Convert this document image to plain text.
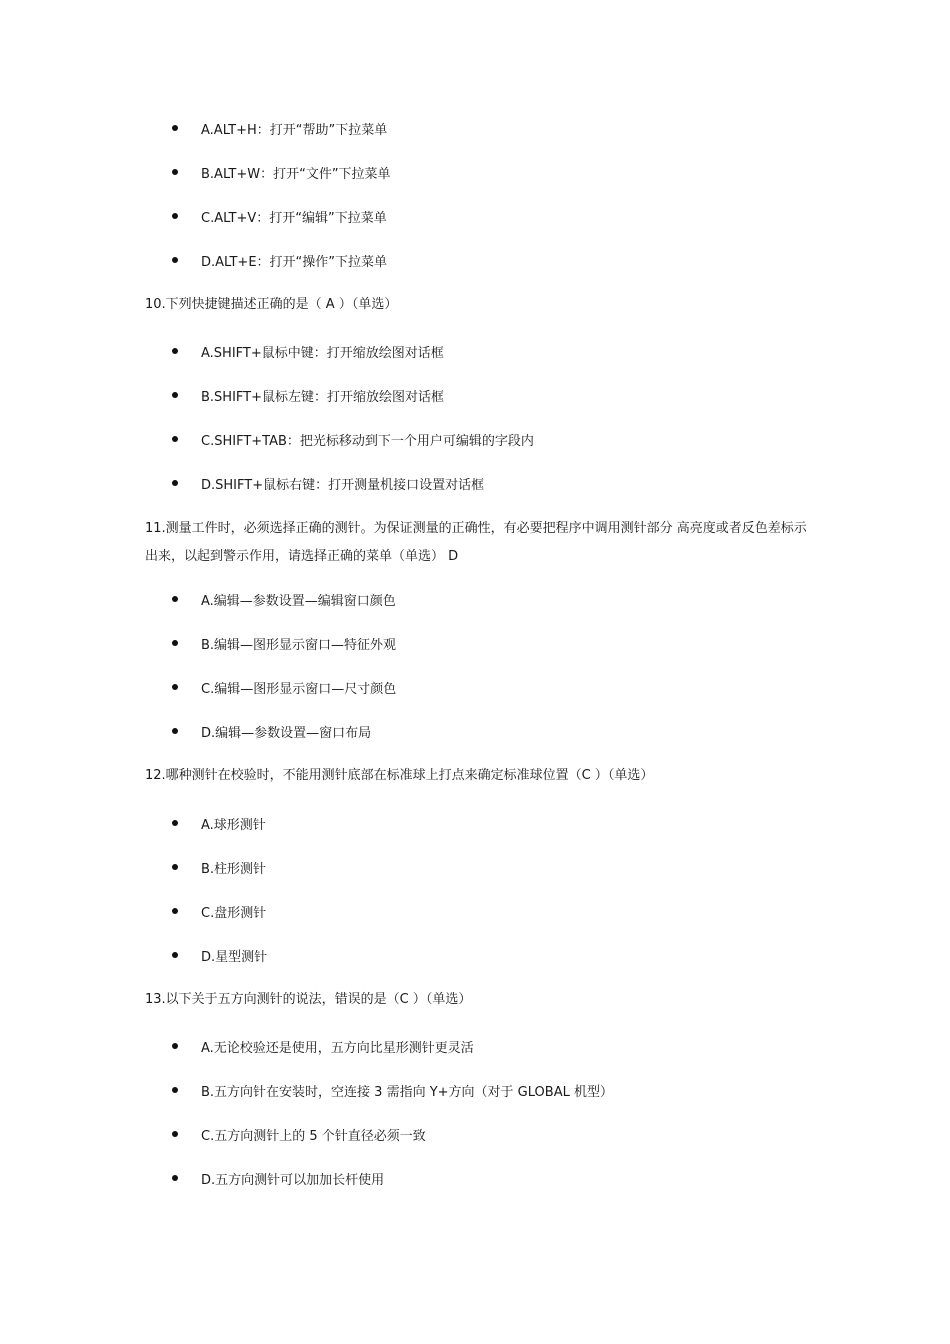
A.ALT+H：打开“帮助”下拉菜单
B.ALT+W：打开“文件”下拉菜单
C.ALT+V：打开“编辑”下拉菜单
D.ALT+E：打开“操作”下拉菜单
10.下列快捷键描述正确的是（ A ）（单选）
A.SHIFT+鼠标中键：打开缩放绘图对话框
B.SHIFT+鼠标左键：打开缩放绘图对话框
C.SHIFT+TAB：把光标移动到下一个用户可编辑的字段内
D.SHIFT+鼠标右键：打开测量机接口设置对话框
11.测量工件时，必须选择正确的测针。为保证测量的正确性，有必要把程序中调用测针部分 高亮度或者反色差标示出来，以起到警示作用，请选择正确的菜单（单选） D
A.编辑—参数设置—编辑窗口颜色
B.编辑—图形显示窗口—特征外观
C.编辑—图形显示窗口—尺寸颜色
D.编辑—参数设置—窗口布局
12.哪种测针在校验时，不能用测针底部在标准球上打点来确定标准球位置（C ）（单选）
A.球形测针
B.柱形测针
C.盘形测针
D.星型测针
13.以下关于五方向测针的说法，错误的是（C ）（单选）
A.无论校验还是使用，五方向比星形测针更灵活
B.五方向针在安装时，空连接 3 需指向 Y+方向（对于 GLOBAL 机型）
C.五方向测针上的 5 个针直径必须一致
D.五方向测针可以加加长杆使用
